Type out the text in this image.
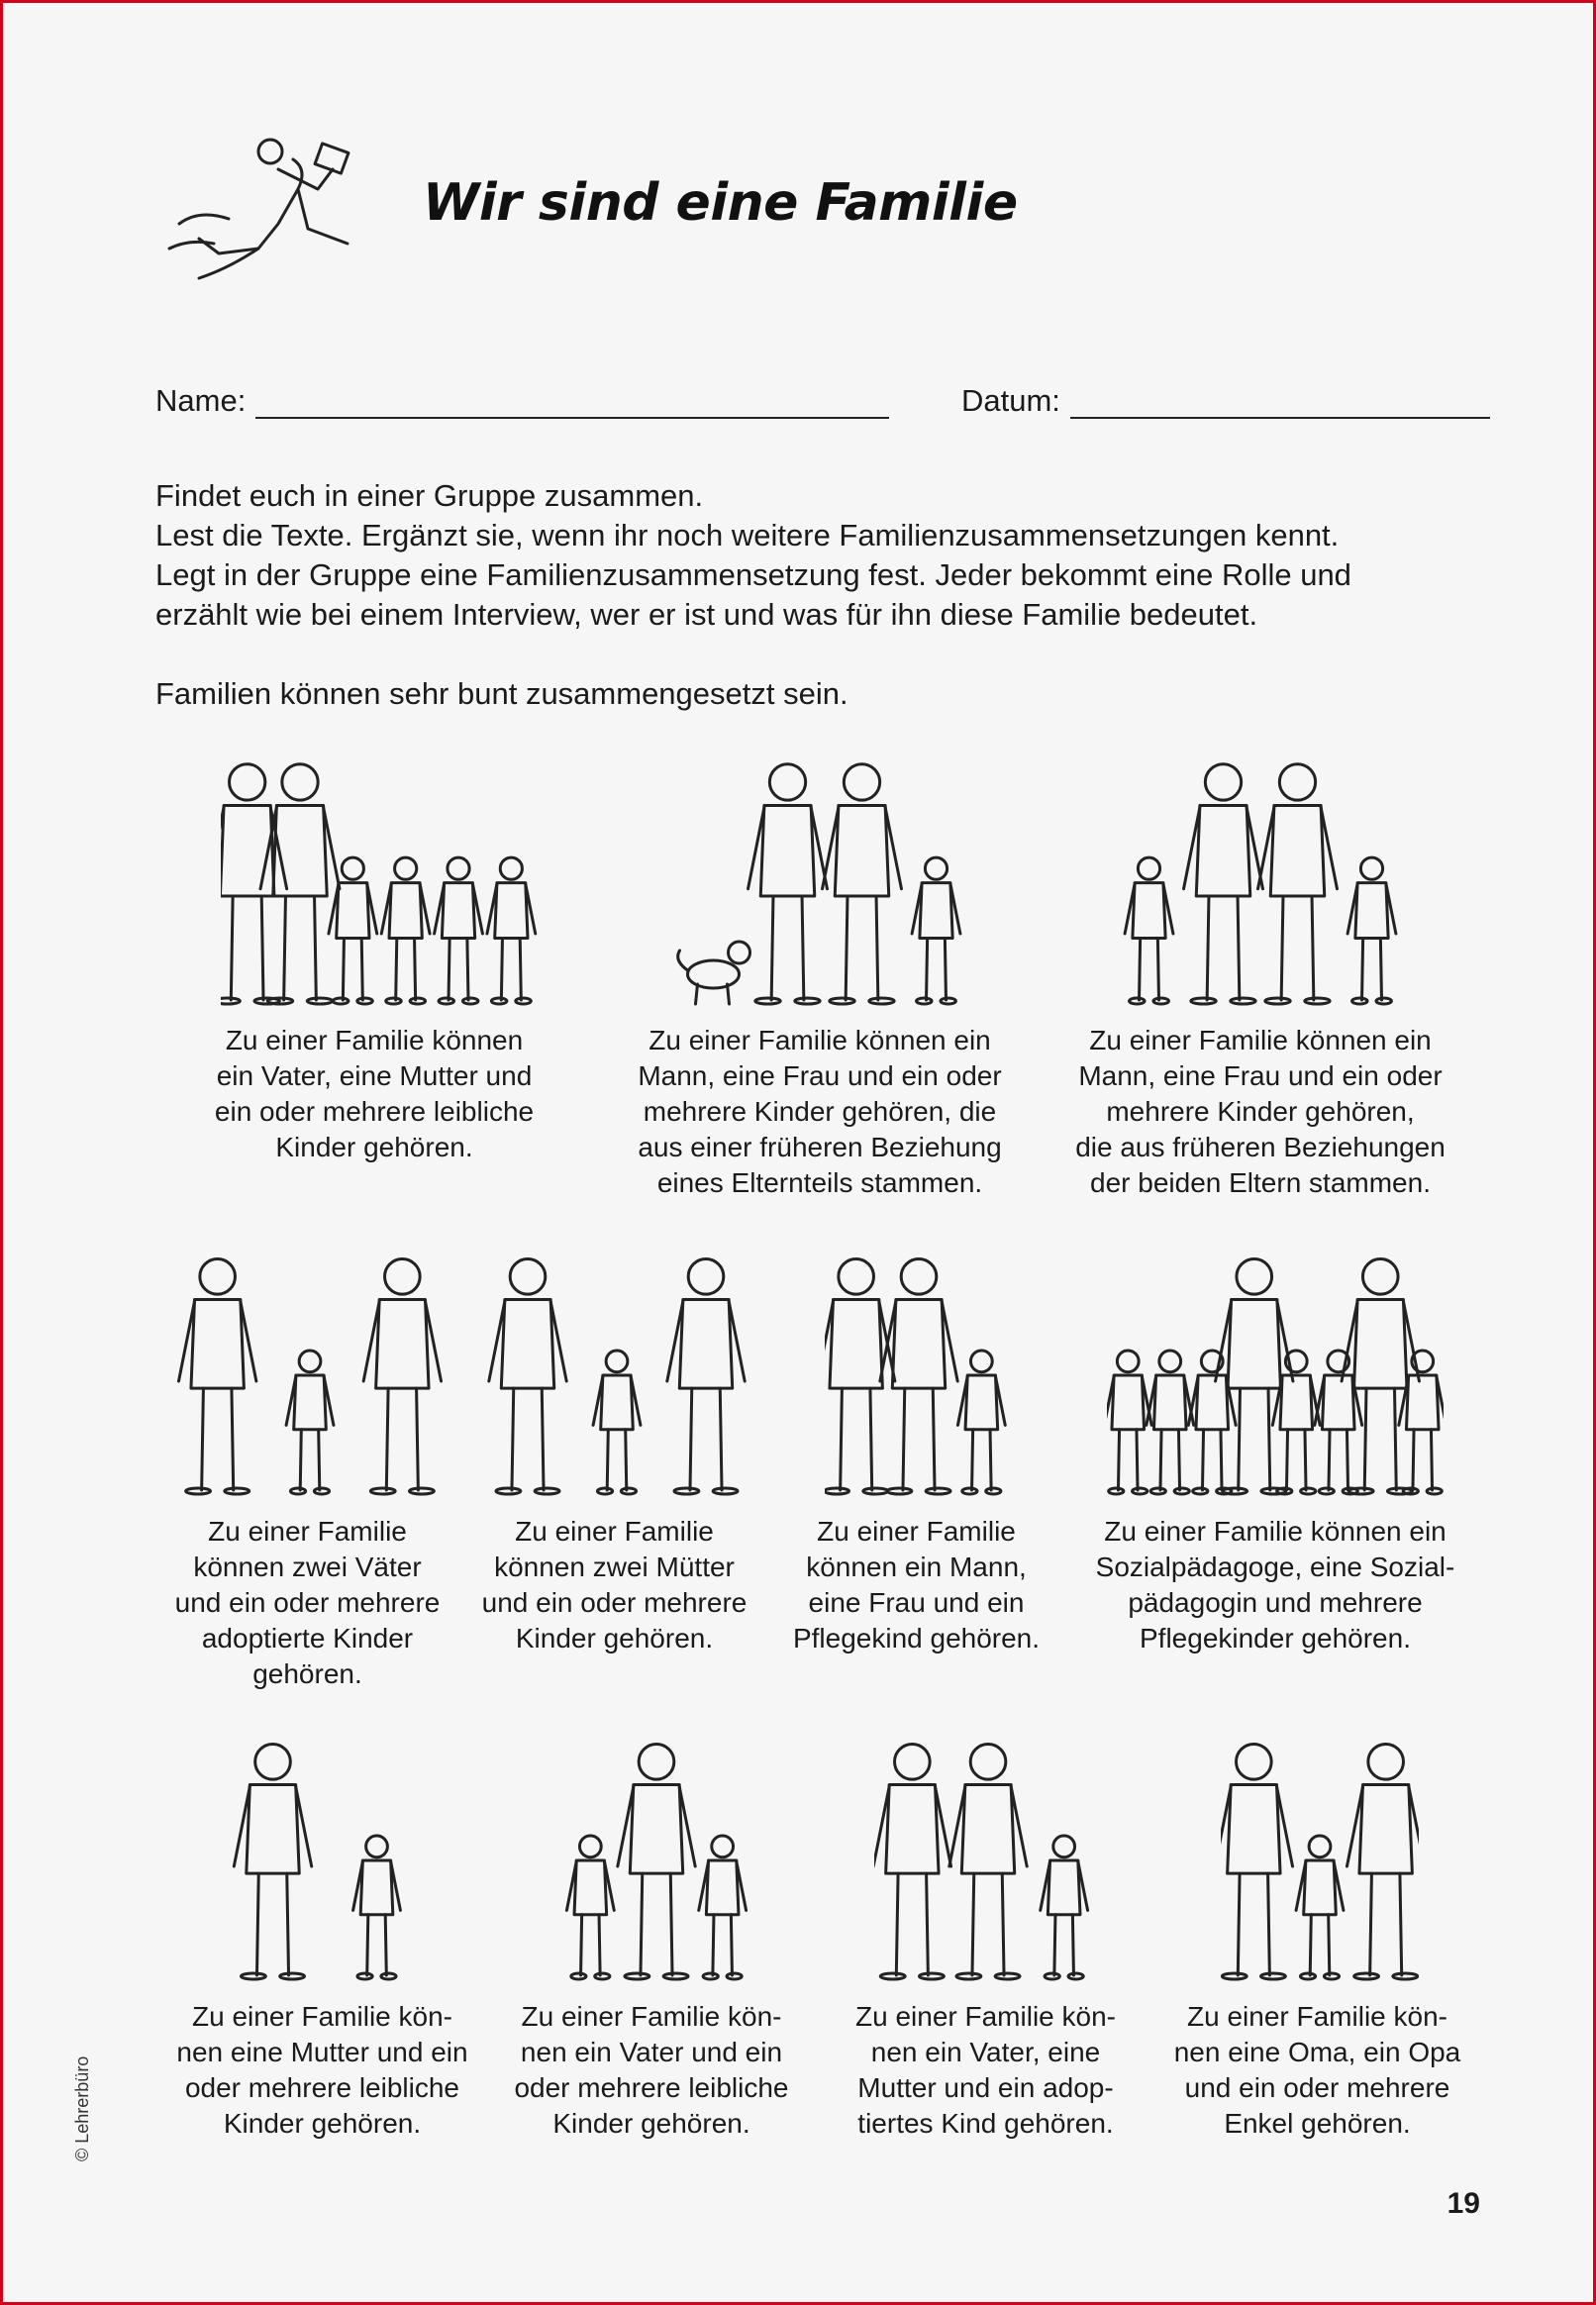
Wir sind eine Familie
Name:	Datum:

Findet euch in einer Gruppe zusammen.

Lest die Texte. Ergänzt sie, wenn ihr noch weitere Familienzusammensetzungen kennt.

Legt in der Gruppe eine Familienzusammensetzung fest. Jeder bekommt eine Rolle und

erzählt wie bei einem Interview, wer er ist und was für ihn diese Familie bedeutet.

Familien können sehr bunt zusammengesetzt sein.

Zu einer Familie können
ein Vater, eine Mutter und
ein oder mehrere leibliche
Kinder gehören.
Zu einer Familie können ein
Mann, eine Frau und ein oder
mehrere Kinder gehören, die
aus einer früheren Beziehung
eines Elternteils stammen.
Zu einer Familie können ein
Mann, eine Frau und ein oder
mehrere Kinder gehören,
die aus früheren Beziehungen
der beiden Eltern stammen.
Zu einer Familie
können zwei Väter
und ein oder mehrere
adoptierte Kinder
gehören.
Zu einer Familie
können zwei Mütter
und ein oder mehrere
Kinder gehören.
Zu einer Familie
können ein Mann,
eine Frau und ein
Pflegekind gehören.
Zu einer Familie können ein
Sozialpädagoge, eine Sozial-
pädagogin und mehrere
Pflegekinder gehören.
Zu einer Familie kön-
nen eine Mutter und ein
oder mehrere leibliche
Kinder gehören.
Zu einer Familie kön-
nen ein Vater und ein
oder mehrere leibliche
Kinder gehören.
Zu einer Familie kön-
nen ein Vater, eine
Mutter und ein adop-
tiertes Kind gehören.
Zu einer Familie kön-
nen eine Oma, ein Opa
und ein oder mehrere
Enkel gehören.
© Lehrerbüro
19
